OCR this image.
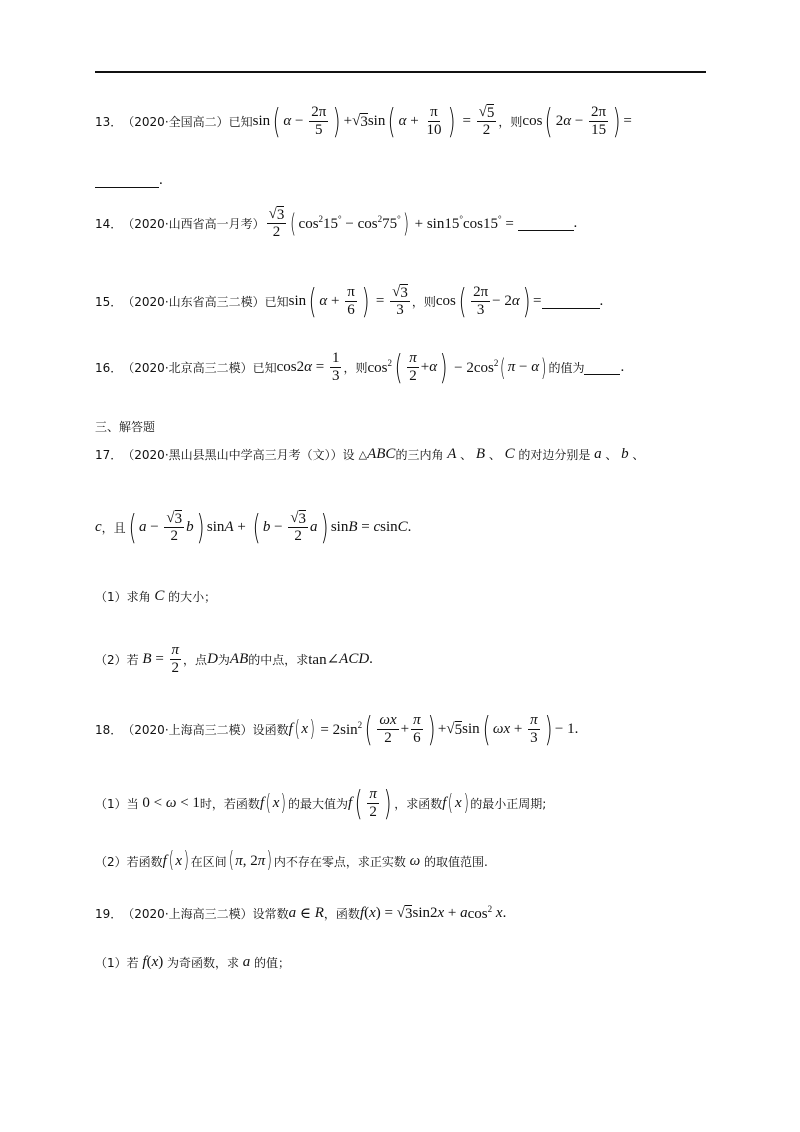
13． （2020·全国高二）已知 sin ( $\alpha - \frac{2\pi}{5}$ ) + √ 3 sin ( $\alpha + \frac{\pi}{10}$ ) = $\frac{√ 5}{2}$ ，则 cos ( 2 $\alpha - \frac{2\pi}{15}$ ) =
.
14． （2020·山西省高一月考） $\frac{√ 3}{2}$ ( $\cos^215^\circ - \cos^275^\circ$ ) + sin15°cos15° =	.
15． （2020·山东省高三二模）已知 sin ( $\alpha + \frac{\pi}{6}$ ) = $\frac{√ 3}{3}$ ，则 cos ( $\frac{2\pi}{3} - 2$ α ) =	.
16． （2020·北京高三二模）已知 cos2 $\alpha = \frac{1}{3}$ ，则 $\cos^2$ ( $\frac{\pi}{2} + \alpha$ ) − $2\cos^2$ ( π − α ) 的值为 .
三、解答题
17． （2020·黑山县黑山中学高三月考（文））设 △ ABC 的三内角 A 、 B 、 C 的对边分别是 a 、 b 、
c ，且 ( $a - \frac{√ 3}{2}$ b ) sin A + ( $b - \frac{√ 3}{2}$ a ) sin B = c sin C .
（1）求角 C 的大小；
（2）若 $B = \frac{\pi}{2}$ ，点 D 为 AB 的中点，求 tan∠ ACD .
18． （2020·上海高三二模）设函数 f ( x ) = $2\sin^2$ ( $\frac{\omega x}{2} + \frac{\pi}{6}$ ) + √ 5 sin ( $\omega x + \frac{\pi}{3}$ ) − 1.
（1）当 0 < ω < 1 时，若函数 f ( x ) 的最大值为 f ( $\frac{\pi}{2}$ ) ，求函数 f ( x ) 的最小正周期;
（2）若函数 f ( x ) 在区间 ( π , 2 π ) 内不存在零点，求正实数 ω 的取值范围.
19． （2020·上海高三二模）设常数 a ∈ R ，函数 f ( x ) = √ 3 sin2 x + a $\cos^2 x$ .
（1）若 f ( x ) 为奇函数，求 a 的值；
